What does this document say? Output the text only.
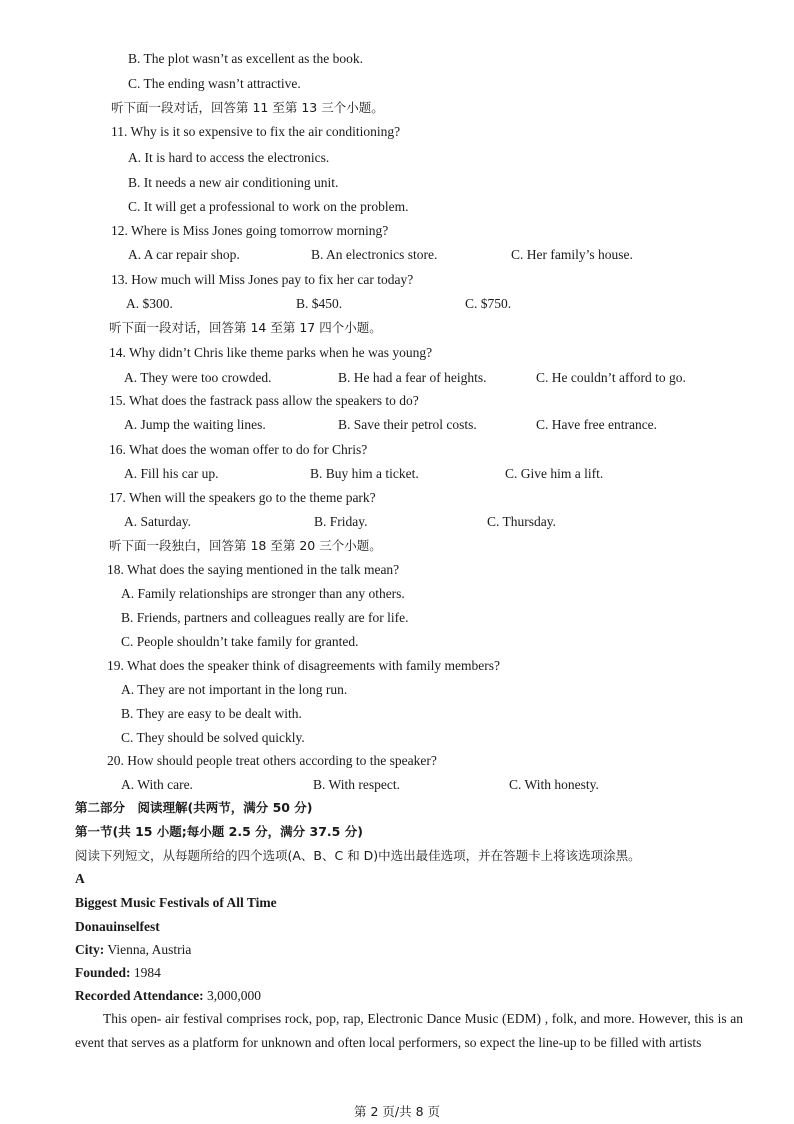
B. The plot wasn’t as excellent as the book.
C. The ending wasn’t attractive.
听下面一段对话，回答第 11 至第 13 三个小题。
11. Why is it so expensive to fix the air conditioning?
A. It is hard to access the electronics.
B. It needs a new air conditioning unit.
C. It will get a professional to work on the problem.
12. Where is Miss Jones going tomorrow morning?
A. A car repair shop.	B. An electronics store.	C. Her family’s house.
13. How much will Miss Jones pay to fix her car today?
A. $300.	B. $450.	C. $750.
听下面一段对话，回答第 14 至第 17 四个小题。
14. Why didn’t Chris like theme parks when he was young?
A. They were too crowded.	B. He had a fear of heights.	C. He couldn’t afford to go.
15. What does the fastrack pass allow the speakers to do?
A. Jump the waiting lines.	B. Save their petrol costs.	C. Have free entrance.
16. What does the woman offer to do for Chris?
A. Fill his car up.	B. Buy him a ticket.	C. Give him a lift.
17. When will the speakers go to the theme park?
A. Saturday.	B. Friday.	C. Thursday.
听下面一段独白，回答第 18 至第 20 三个小题。
18. What does the saying mentioned in the talk mean?
A. Family relationships are stronger than any others.
B. Friends, partners and colleagues really are for life.
C. People shouldn’t take family for granted.
19. What does the speaker think of disagreements with family members?
A. They are not important in the long run.
B. They are easy to be dealt with.
C. They should be solved quickly.
20. How should people treat others according to the speaker?
A. With care.	B. With respect.	C. With honesty.
第二部分　阅读理解(共两节，满分 50 分)
第一节(共 15 小题;每小题 2.5 分，满分 37.5 分)
阅读下列短文，从每题所给的四个选项(A、B、C 和 D)中选出最佳选项，并在答题卡上将该选项涂黑。
A
Biggest Music Festivals of All Time
Donauinselfest
City: Vienna, Austria
Founded: 1984
Recorded Attendance: 3,000,000
This open- air festival comprises rock, pop, rap, Electronic Dance Music (EDM) , folk, and more. However, this is an event that serves as a platform for unknown and often local performers, so expect the line-up to be filled with artists
第 2 页/共 8 页
